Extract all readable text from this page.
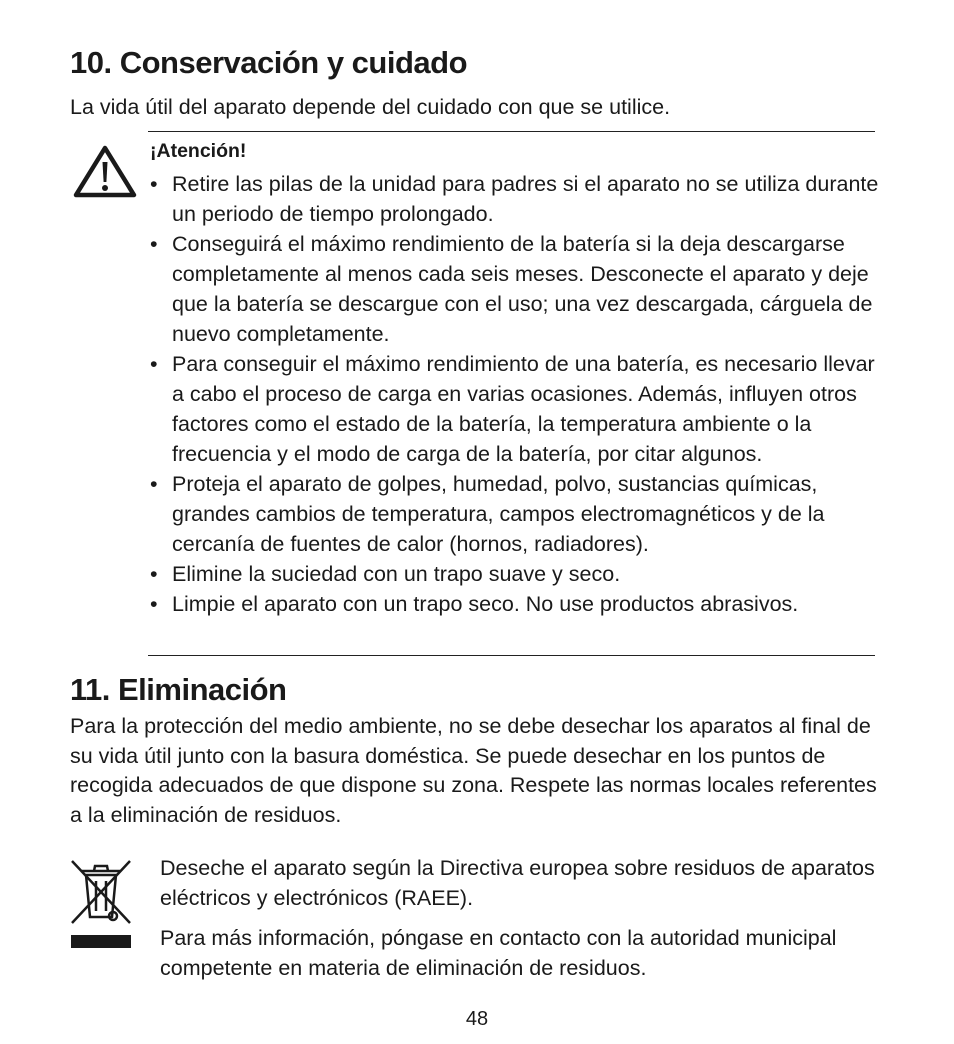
10. Conservación y cuidado

La vida útil del aparato depende del cuidado con que se utilice.

¡Atención!
• Retire las pilas de la unidad para padres si el aparato no se utiliza durante un periodo de tiempo prolongado.
• Conseguirá el máximo rendimiento de la batería si la deja descargarse completamente al menos cada seis meses. Desconecte el aparato y deje que la batería se descargue con el uso; una vez descargada, cárguela de nuevo completamente.
• Para conseguir el máximo rendimiento de una batería, es necesario llevar a cabo el proceso de carga en varias ocasiones. Además, influyen otros factores como el estado de la batería, la temperatura ambiente o la frecuencia y el modo de carga de la batería, por citar algunos.
• Proteja el aparato de golpes, humedad, polvo, sustancias químicas, grandes cambios de temperatura, campos electromagnéticos y de la cercanía de fuentes de calor (hornos, radiadores).
• Elimine la suciedad con un trapo suave y seco.
• Limpie el aparato con un trapo seco. No use productos abrasivos.
11. Eliminación

Para la protección del medio ambiente, no se debe desechar los aparatos al final de su vida útil junto con la basura doméstica. Se puede desechar en los puntos de recogida adecuados de que dispone su zona. Respete las normas locales referentes a la eliminación de residuos.

Deseche el aparato según la Directiva europea sobre residuos de aparatos eléctricos y electrónicos (RAEE).

Para más información, póngase en contacto con la autoridad municipal competente en materia de eliminación de residuos.

48
